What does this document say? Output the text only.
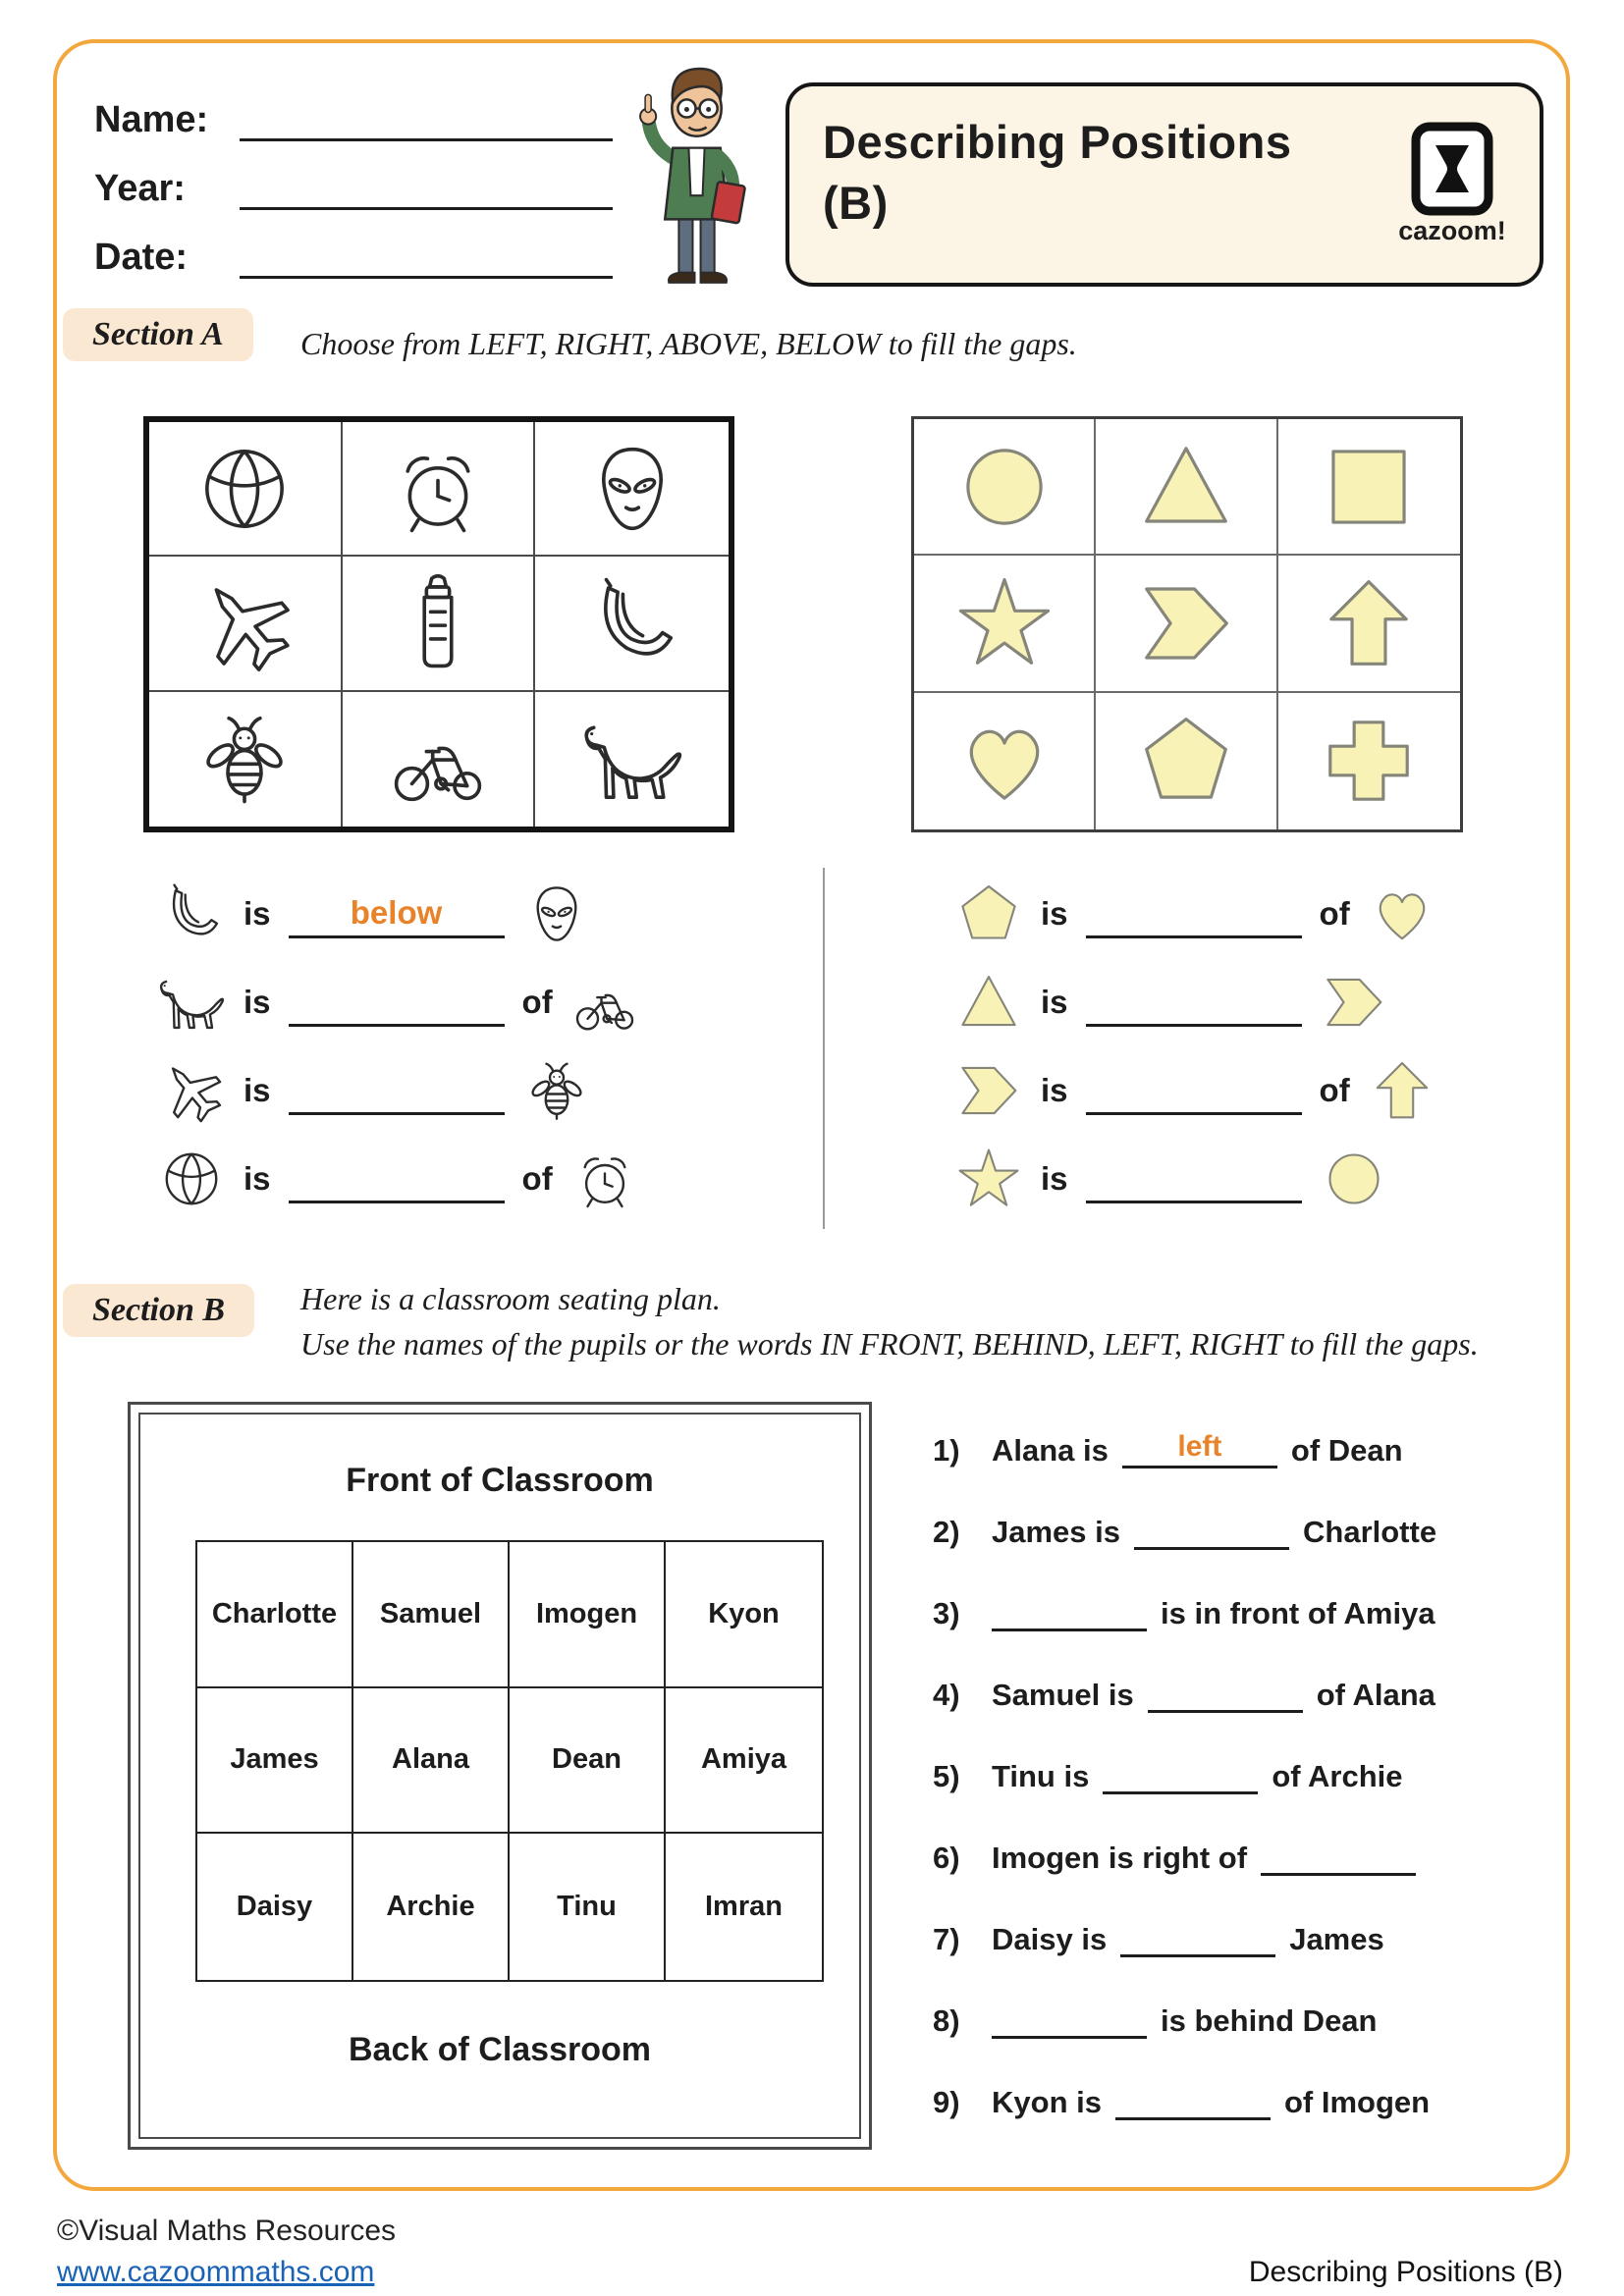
Name:
Year:
Date:
Describing Positions
(B)
cazoom!
Section A	Choose from LEFT, RIGHT, ABOVE, BELOW to fill the gaps.
is	below
is	of
is
is	of
is	of
is
is	of
is
Section B	Here is a classroom seating plan.
Use the names of the pupils or the words IN FRONT, BEHIND, LEFT, RIGHT to fill the gaps.
Front of Classroom
Charlotte	Samuel	Imogen	Kyon
James	Alana	Dean	Amiya
Daisy	Archie	Tinu	Imran
Back of Classroom
1)	Alana is	left	of Dean
2)	James is	Charlotte
3)	is in front of Amiya
4)	Samuel is	of Alana
5)	Tinu is	of Archie
6)	Imogen is right of
7)	Daisy is	James
8)	is behind Dean
9)	Kyon is	of Imogen
©Visual Maths Resources
www.cazoommaths.com	Describing Positions (B)
